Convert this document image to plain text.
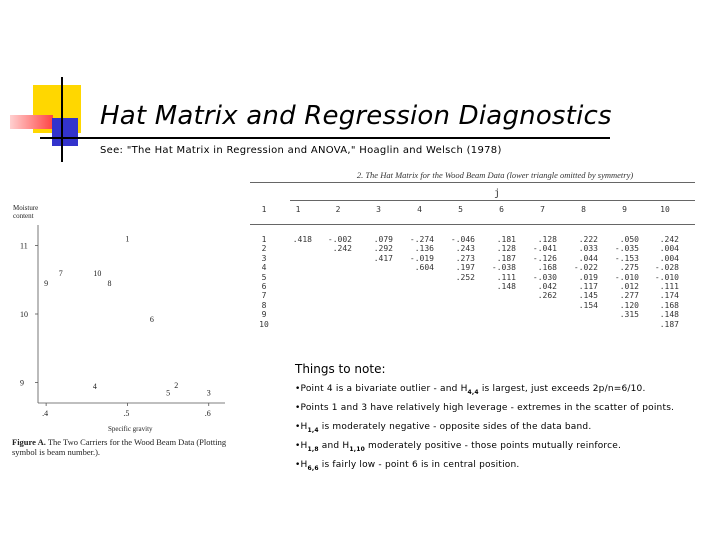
Hat Matrix and Regression Diagnostics
See: "The Hat Matrix in Regression and ANOVA," Hoaglin and Welsch (1978)
Moisture
content
9
10
11
.4	.5	.6
1
2
3
4
5
6
7
8
9
10
Specific gravity
Figure A. The Two Carriers for the Wood Beam Data (Plotting symbol is beam number.).
2. The Hat Matrix for the Wood Beam Data (lower triangle omitted by symmetry)
j
1	1	2	3	4	5	6	7	8	9	10

1	.418	-.002	.079	-.274	-.046	.181	.128	.222	.050	.242
2		.242	.292	.136	.243	.128	-.041	.033	-.035	.004
3			.417	-.019	.273	.187	-.126	.044	-.153	.004
4				.604	.197	-.038	.168	-.022	.275	-.028
5					.252	.111	-.030	.019	-.010	-.010
6						.148	.042	.117	.012	.111
7							.262	.145	.277	.174
8								.154	.120	.168
9									.315	.148
10										.187
Things to note:
•Point 4 is a bivariate outlier - and $H_{4,4}$ is largest, just exceeds 2p/n=6/10.
•Points 1 and 3 have relatively high leverage - extremes in the scatter of points.
$•H_{1,4}$ is moderately negative - opposite sides of the data band.
$•H_{1,8}$ and $H_{1,10}$ moderately positive - those points mutually reinforce.
$•H_{6,6}$ is fairly low - point 6 is in central position.
